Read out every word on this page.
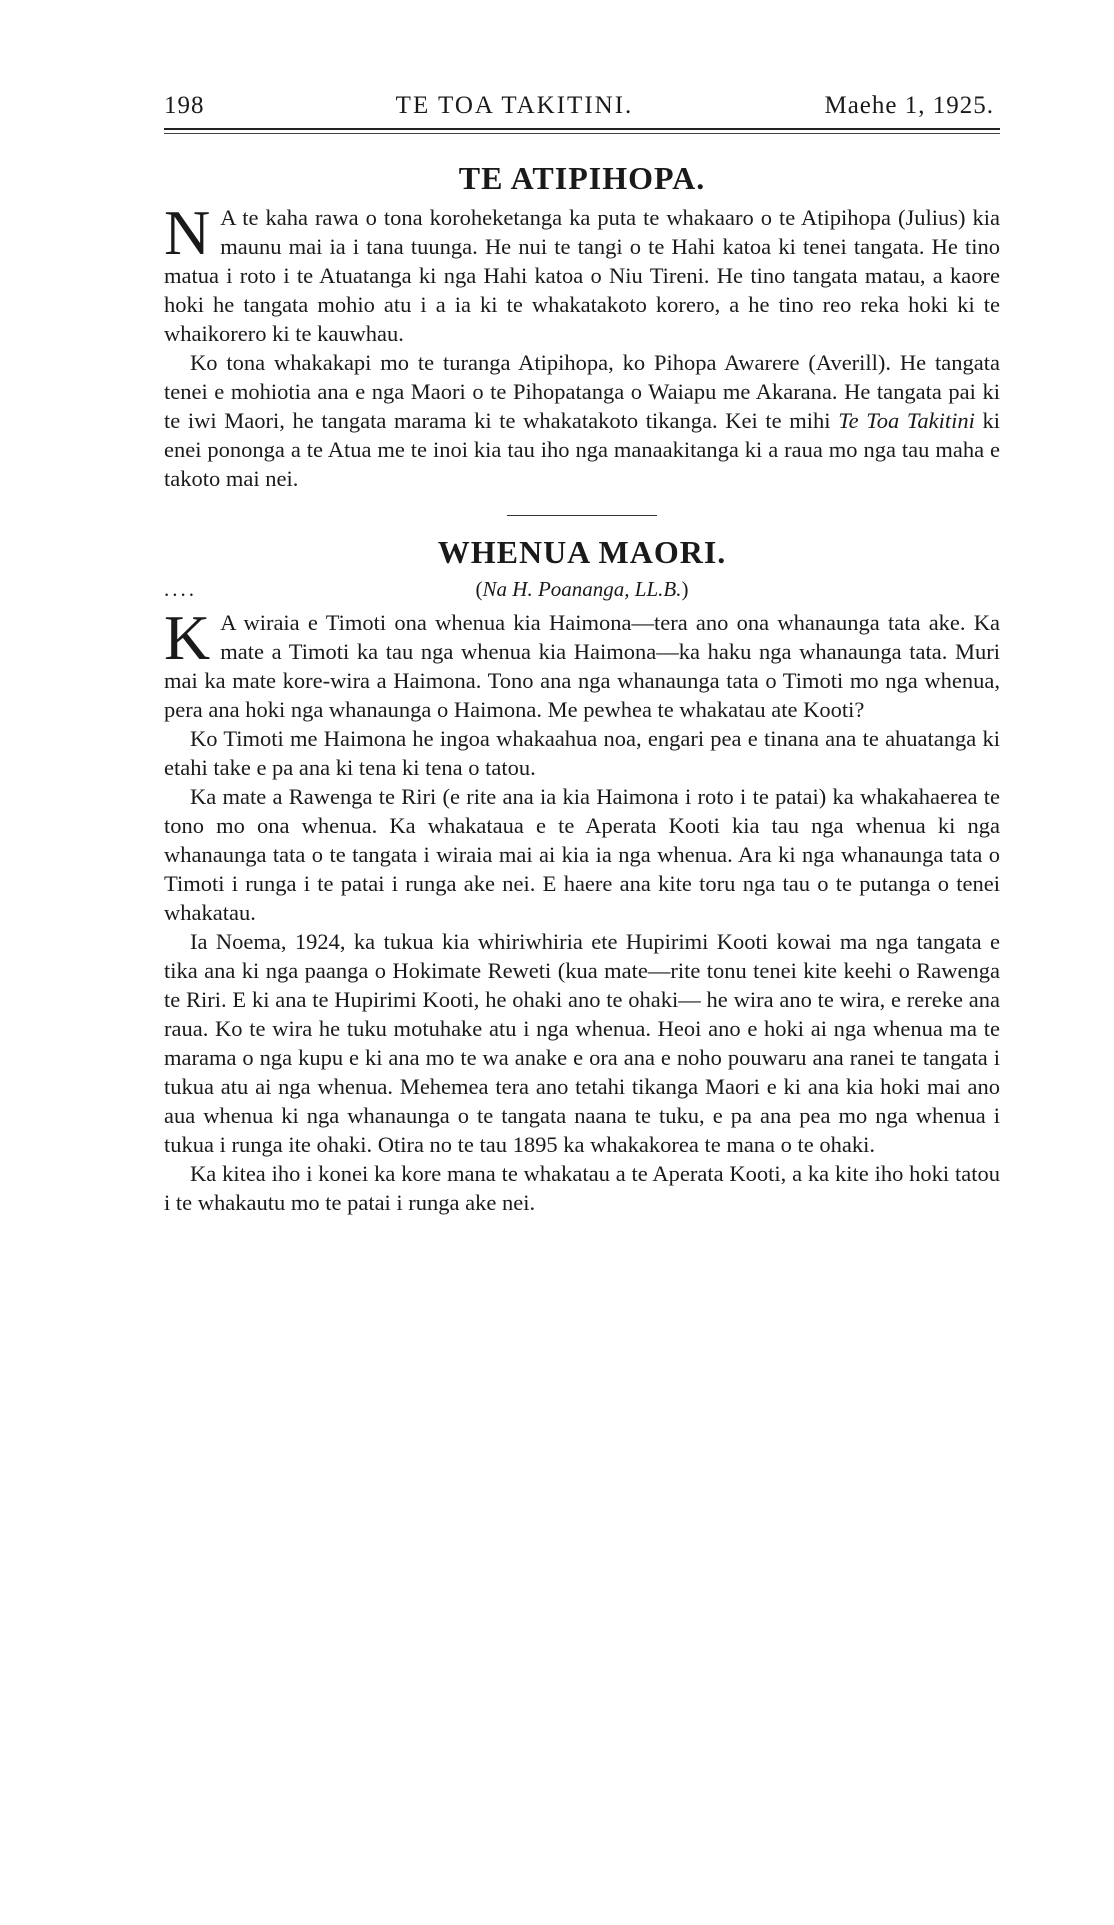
198	TE TOA TAKITINI.	Maehe 1, 1925.
TE ATIPIHOPA.

N A te kaha rawa o tona koroheketanga ka puta te whakaaro o te Atipihopa (Julius) kia maunu mai ia i tana tuunga. He nui te tangi o te Hahi katoa ki tenei tangata. He tino matua i roto i te Atuatanga ki nga Hahi katoa o Niu Tireni. He tino tangata matau, a kaore hoki he tangata mohio atu i a ia ki te whakatakoto korero, a he tino reo reka hoki ki te whaikorero ki te kauwhau.

Ko tona whakakapi mo te turanga Atipihopa, ko Pihopa Awarere (Averill). He tangata tenei e mohiotia ana e nga Maori o te Pihopatanga o Waiapu me Akarana. He tangata pai ki te iwi Maori, he tangata marama ki te whakatakoto tikanga. Kei te mihi Te Toa Takitini ki enei pononga a te Atua me te inoi kia tau iho nga manaakitanga ki a raua mo nga tau maha e takoto mai nei.

WHENUA MAORI.
....	(Na H. Poananga, LL.B.)

K A wiraia e Timoti ona whenua kia Haimona—tera ano ona whanaunga tata ake. Ka mate a Timoti ka tau nga whenua kia Haimona—ka haku nga whanaunga tata. Muri mai ka mate kore-wira a Haimona. Tono ana nga whanaunga tata o Timoti mo nga whenua, pera ana hoki nga whanaunga o Haimona. Me pewhea te whakatau ate Kooti?

Ko Timoti me Haimona he ingoa whakaahua noa, engari pea e tinana ana te ahuatanga ki etahi take e pa ana ki tena ki tena o tatou.

Ka mate a Rawenga te Riri (e rite ana ia kia Haimona i roto i te patai) ka whakahaerea te tono mo ona whenua. Ka whakataua e te Aperata Kooti kia tau nga whenua ki nga whanaunga tata o te tangata i wiraia mai ai kia ia nga whenua. Ara ki nga whanaunga tata o Timoti i runga i te patai i runga ake nei. E haere ana kite toru nga tau o te putanga o tenei whakatau.

Ia Noema, 1924, ka tukua kia whiriwhiria ete Hupirimi Kooti kowai ma nga tangata e tika ana ki nga paanga o Hokimate Reweti (kua mate—rite tonu tenei kite keehi o Rawenga te Riri. E ki ana te Hupirimi Kooti, he ohaki ano te ohaki— he wira ano te wira, e rereke ana raua. Ko te wira he tuku motuhake atu i nga whenua. Heoi ano e hoki ai nga whenua ma te marama o nga kupu e ki ana mo te wa anake e ora ana e noho pouwaru ana ranei te tangata i tukua atu ai nga whenua. Mehemea tera ano tetahi tikanga Maori e ki ana kia hoki mai ano aua whenua ki nga whanaunga o te tangata naana te tuku, e pa ana pea mo nga whenua i tukua i runga ite ohaki. Otira no te tau 1895 ka whakakorea te mana o te ohaki.

Ka kitea iho i konei ka kore mana te whakatau a te Aperata Kooti, a ka kite iho hoki tatou i te whakautu mo te patai i runga ake nei.
